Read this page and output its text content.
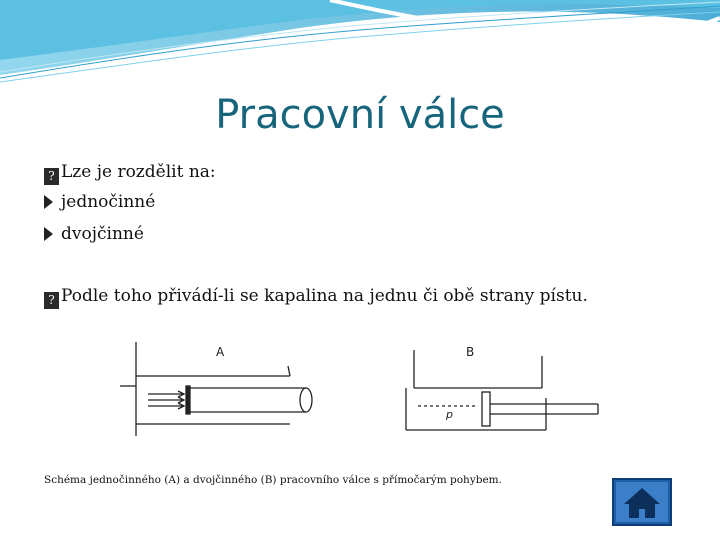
Pracovní válce
? Lze je rozdělit na:
jednočinné
dvojčinné
? Podle toho přivádí-li se kapalina na jednu či obě strany pístu.
A	B
p
Schéma jednočinného (A) a dvojčinného (B) pracovního válce s přímočarým pohybem.
